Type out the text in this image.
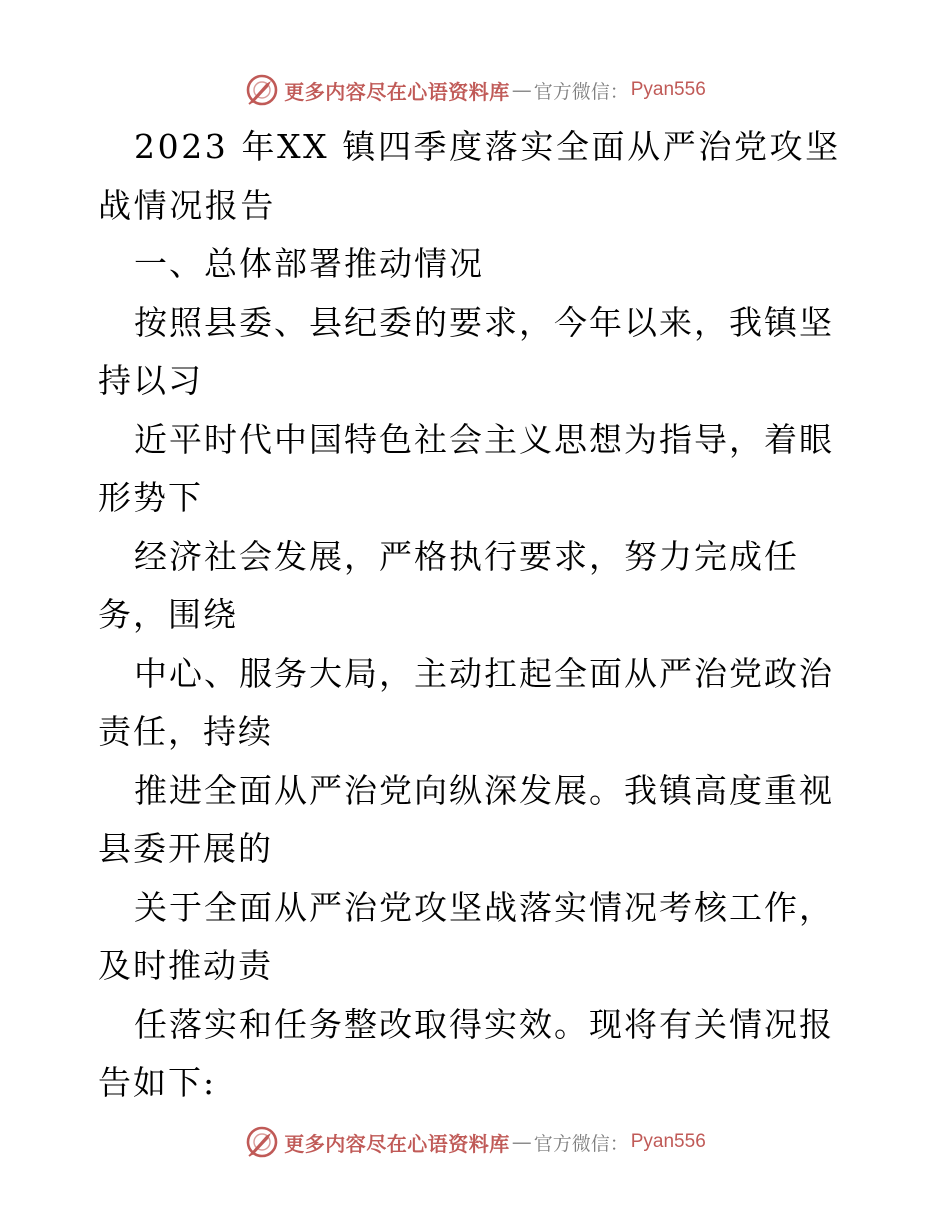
更多内容尽在心语资料库 — 官方微信： Pyan556

2023 年XX 镇四季度落实全面从严治党攻坚战情况报告

一、总体部署推动情况

按照县委、县纪委的要求，今年以来，我镇坚持以习

近平时代中国特色社会主义思想为指导，着眼形势下

经济社会发展，严格执行要求，努力完成任务，围绕

中心、服务大局，主动扛起全面从严治党政治责任，持续

推进全面从严治党向纵深发展。我镇高度重视县委开展的

关于全面从严治党攻坚战落实情况考核工作，及时推动责

任落实和任务整改取得实效。现将有关情况报告如下:

更多内容尽在心语资料库 — 官方微信： Pyan556
